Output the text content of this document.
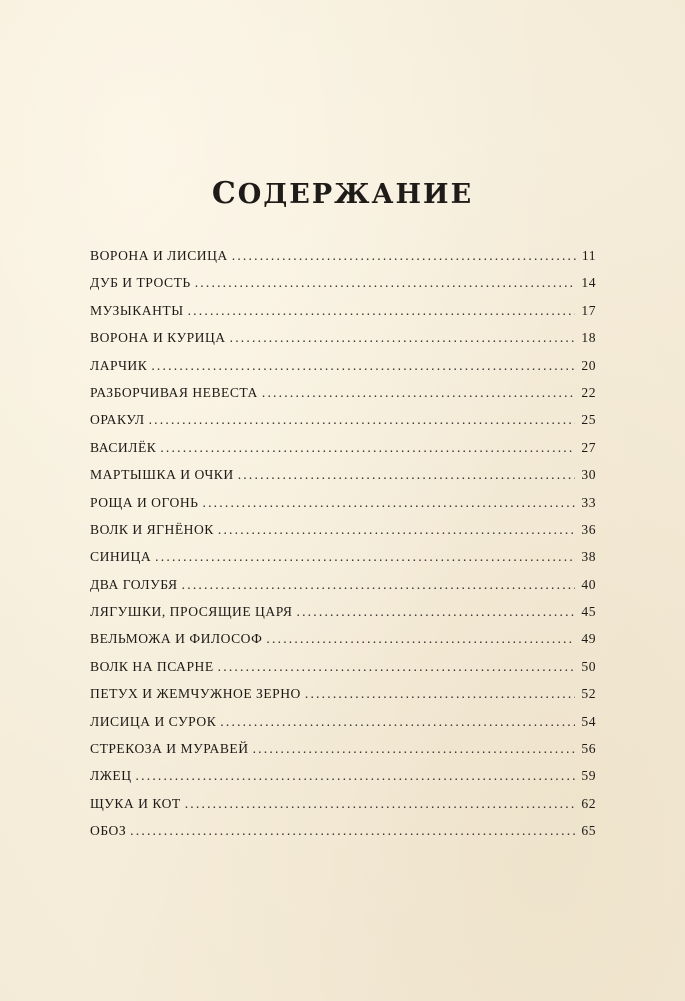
СОДЕРЖАНИЕ
ВОРОНА И ЛИСИЦА . . .	11
ДУБ И ТРОСТЬ . . .	14
МУЗЫКАНТЫ . . .	17
ВОРОНА И КУРИЦА . . .	18
ЛАРЧИК . . .	20
РАЗБОРЧИВАЯ НЕВЕСТА . . .	22
ОРАКУЛ . . .	25
ВАСИЛЁК . . .	27
МАРТЫШКА И ОЧКИ . . .	30
РОЩА И ОГОНЬ . . .	33
ВОЛК И ЯГНЁНОК . . .	36
СИНИЦА . . .	38
ДВА ГОЛУБЯ . . .	40
ЛЯГУШКИ, ПРОСЯЩИЕ ЦАРЯ . . .	45
ВЕЛЬМОЖА И ФИЛОСОФ . . .	49
ВОЛК НА ПСАРНЕ . . .	50
ПЕТУХ И ЖЕМЧУЖНОЕ ЗЕРНО . . .	52
ЛИСИЦА И СУРОК . . .	54
СТРЕКОЗА И МУРАВЕЙ . . .	56
ЛЖЕЦ . . .	59
ЩУКА И КОТ . . .	62
ОБОЗ . . .	65
